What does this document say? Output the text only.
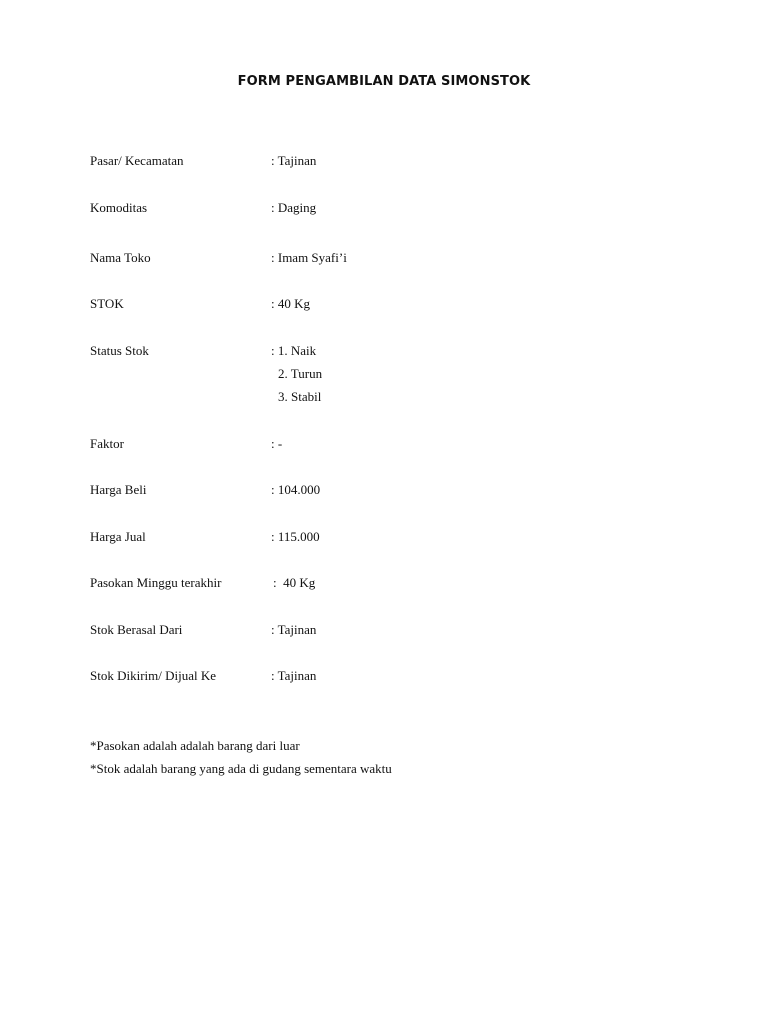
FORM PENGAMBILAN DATA SIMONSTOK
Pasar/ Kecamatan	: Tajinan
Komoditas	: Daging
Nama Toko	: Imam Syafi’i
STOK	: 40 Kg
Status Stok	: 1. Naik
2. Turun
3. Stabil
Faktor	: -
Harga Beli	: 104.000
Harga Jual	: 115.000
Pasokan Minggu terakhir	:  40 Kg
Stok Berasal Dari	: Tajinan
Stok Dikirim/ Dijual Ke	: Tajinan
*Pasokan adalah adalah barang dari luar
*Stok adalah barang yang ada di gudang sementara waktu
